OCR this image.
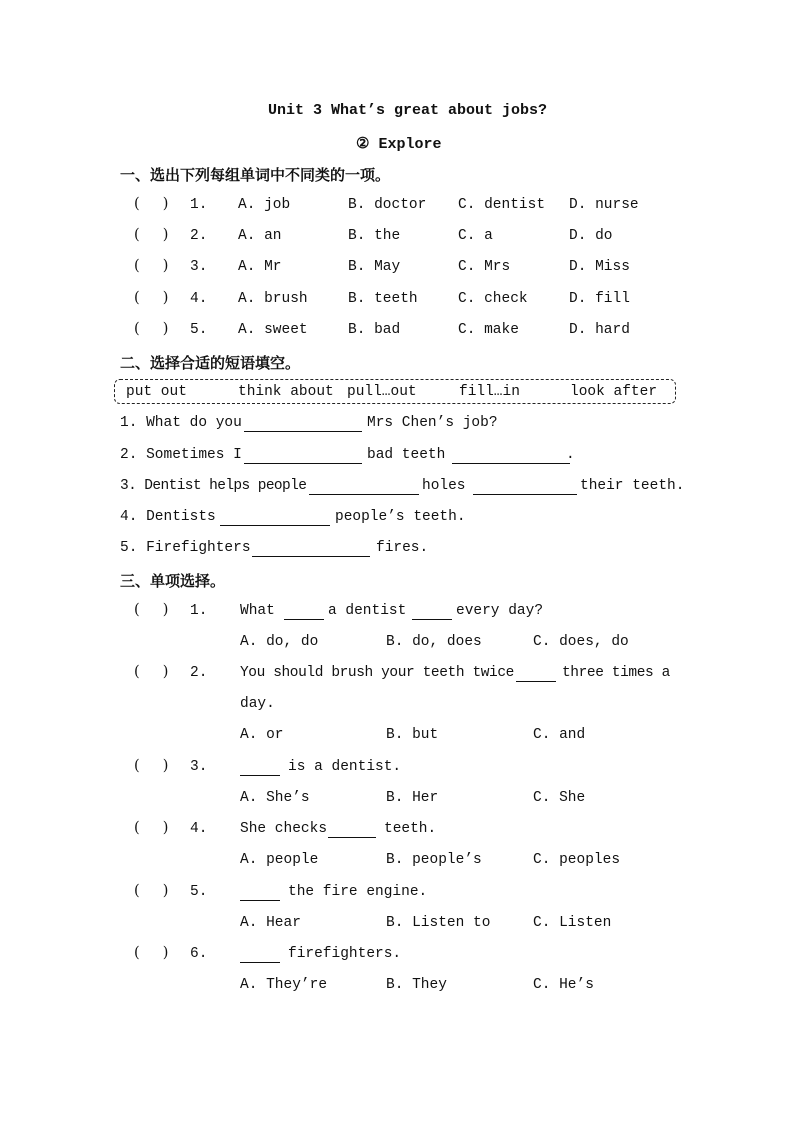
Unit 3 What’s great about jobs?
② Explore
一、选出下列每组单词中不同类的一项。
(     ) 1. A. job	B. doctor C. dentist D. nurse
(     ) 2. A. an	B. the	C. a	D. do
(     ) 3. A. Mr	B. May	C. Mrs	D. Miss
(     ) 4. A. brush	B. teeth	C. check	D. fill
(     ) 5. A. sweet	B. bad	C. make	D. hard
二、选择合适的短语填空。
put out	think about pull…out	fill…in	look after
1. What do you	Mrs Chen’s job?
2. Sometimes I	bad teeth	.
3. Dentist helps people	holes	their teeth.
4. Dentists	people’s teeth.
5. Firefighters	fires.
三、单项选择。
(     ) 1. What	a dentist	every day?
A. do, do	B. do, does	C. does, do
(     ) 2. You should brush your teeth twice	three times a
day.
A. or	B. but	C. and
(     ) 3.	is a dentist.
A. She’s	B. Her	C. She
(     ) 4. She checks	teeth.
A. people	B. people’s	C. peoples
(     ) 5.	the fire engine.
A. Hear	B. Listen to	C. Listen
(     ) 6.	firefighters.
A. They’re	B. They	C. He’s
